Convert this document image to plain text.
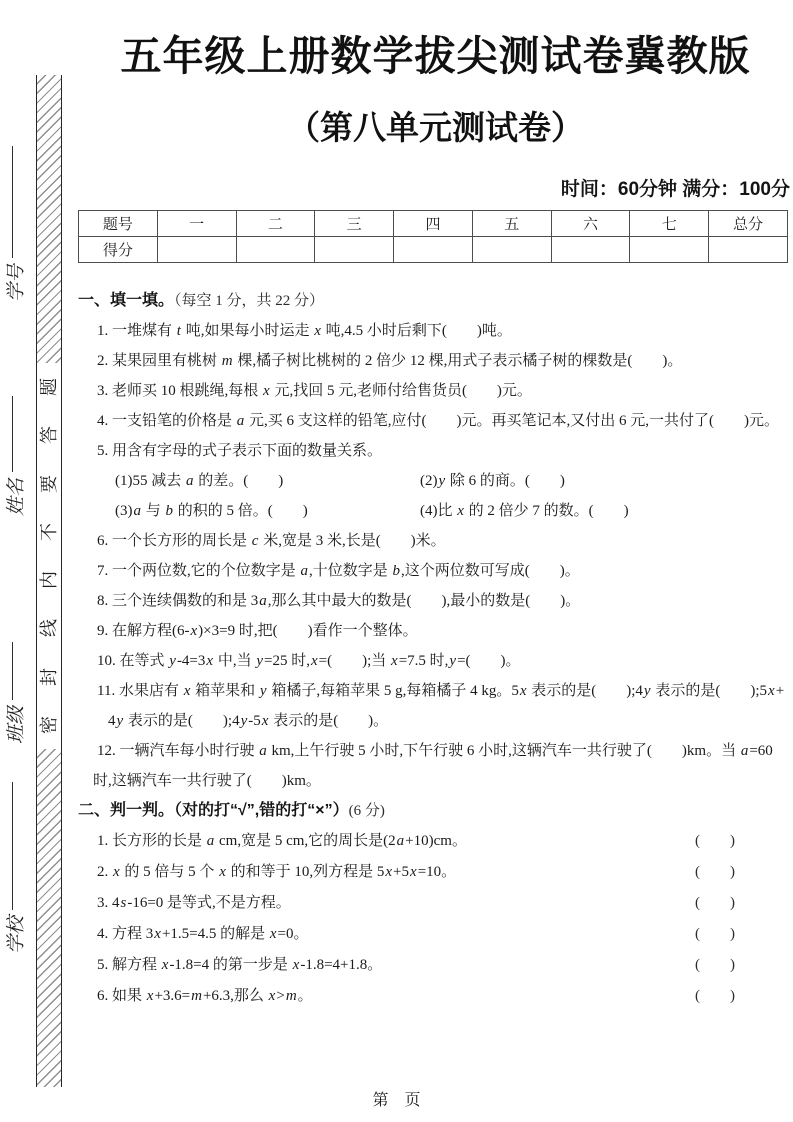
学号
姓名
班级
学校
题
答
要
不
内
线
封
密
五年级上册数学拔尖测试卷冀教版
（第八单元测试卷）
时间：60分钟 满分：100分
题号	一	二	三	四	五	六	七	总分
得分								
一、填一填。（每空 1 分，共 22 分）
1. 一堆煤有 t 吨,如果每小时运走 x 吨,4.5 小时后剩下(　　)吨。
2. 某果园里有桃树 m 棵,橘子树比桃树的 2 倍少 12 棵,用式子表示橘子树的棵数是(　　)。
3. 老师买 10 根跳绳,每根 x 元,找回 5 元,老师付给售货员(　　)元。
4. 一支铅笔的价格是 a 元,买 6 支这样的铅笔,应付(　　)元。再买笔记本,又付出 6 元,一共付了(　　)元。
5. 用含有字母的式子表示下面的数量关系。
(1)55 减去 a 的差。(　　)	(2)y 除 6 的商。(　　)
(3)a 与 b 的积的 5 倍。(　　)	(4)比 x 的 2 倍少 7 的数。(　　)
6. 一个长方形的周长是 c 米,宽是 3 米,长是(　　)米。
7. 一个两位数,它的个位数字是 a,十位数字是 b,这个两位数可写成(　　)。
8. 三个连续偶数的和是 3a,那么其中最大的数是(　　),最小的数是(　　)。
9. 在解方程(6-x)×3=9 时,把(　　)看作一个整体。
10. 在等式 y-4=3x 中,当 y=25 时,x=(　　);当 x=7.5 时,y=(　　)。
11. 水果店有 x 箱苹果和 y 箱橘子,每箱苹果 5 g,每箱橘子 4 kg。5x 表示的是(　　);4y 表示的是(　　);5x+
4y 表示的是(　　);4y-5x 表示的是(　　)。
12. 一辆汽车每小时行驶 a km,上午行驶 5 小时,下午行驶 6 小时,这辆汽车一共行驶了(　　)km。当 a=60
时,这辆汽车一共行驶了(　　)km。
二、判一判。（对的打“√”,错的打“×”）(6 分)
1. 长方形的长是 a cm,宽是 5 cm,它的周长是(2a+10)cm。	(　　)
2. x 的 5 倍与 5 个 x 的和等于 10,列方程是 5x+5x=10。	(　　)
3. 4s-16=0 是等式,不是方程。	(　　)
4. 方程 3x+1.5=4.5 的解是 x=0。	(　　)
5. 解方程 x-1.8=4 的第一步是 x-1.8=4+1.8。	(　　)
6. 如果 x+3.6=m+6.3,那么 x>m。	(　　)
第　页
